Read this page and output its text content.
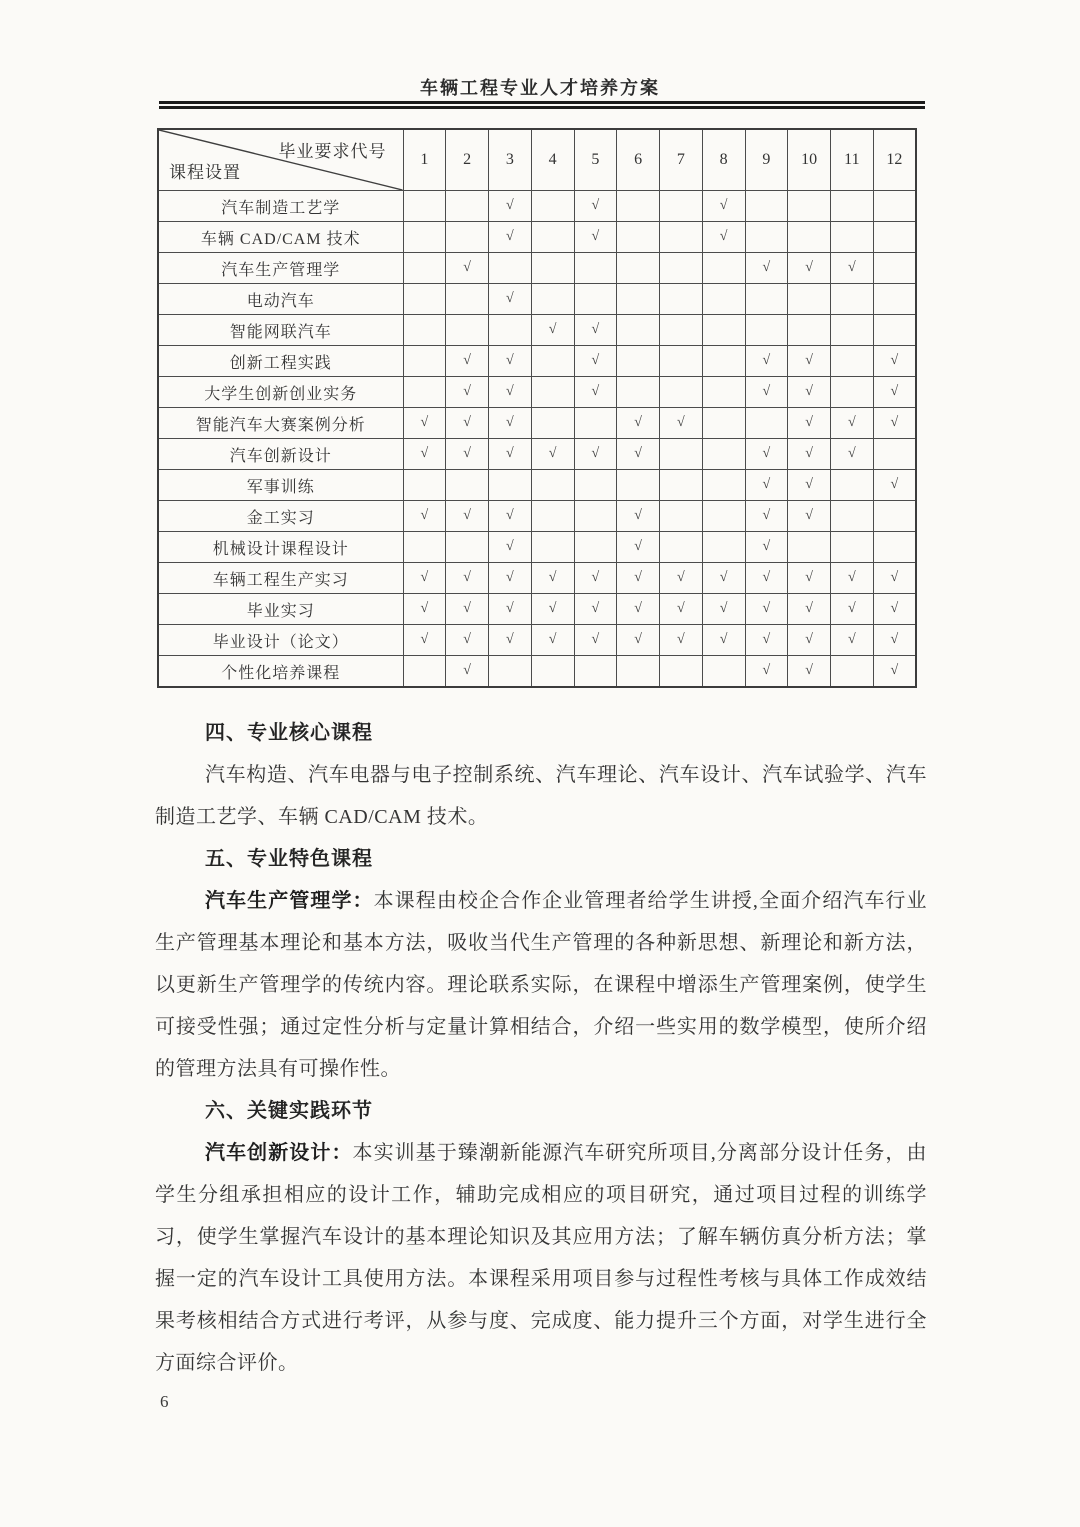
车辆工程专业人才培养方案
毕业要求代号
课程设置	1	2	3	4	5	6	7	8	9	10	11	12
汽车制造工艺学			√		√			√				
车辆 CAD/CAM 技术			√		√			√				
汽车生产管理学		√							√	√	√	
电动汽车			√									
智能网联汽车				√	√							
创新工程实践		√	√		√				√	√		√
大学生创新创业实务		√	√		√				√	√		√
智能汽车大赛案例分析	√	√	√			√	√			√	√	√
汽车创新设计	√	√	√	√	√	√			√	√	√	
军事训练									√	√		√
金工实习	√	√	√			√			√	√		
机械设计课程设计			√			√			√			
车辆工程生产实习	√	√	√	√	√	√	√	√	√	√	√	√
毕业实习	√	√	√	√	√	√	√	√	√	√	√	√
毕业设计（论文）	√	√	√	√	√	√	√	√	√	√	√	√
个性化培养课程		√							√	√		√
四、专业核心课程
汽车构造、汽车电器与电子控制系统、汽车理论、汽车设计、汽车试验学、汽车制造工艺学、车辆 CAD/CAM 技术。
五、专业特色课程
汽车生产管理学：本课程由校企合作企业管理者给学生讲授,全面介绍汽车行业生产管理基本理论和基本方法，吸收当代生产管理的各种新思想、新理论和新方法，以更新生产管理学的传统内容。理论联系实际，在课程中增添生产管理案例，使学生可接受性强；通过定性分析与定量计算相结合，介绍一些实用的数学模型，使所介绍的管理方法具有可操作性。
六、关键实践环节
汽车创新设计：本实训基于臻潮新能源汽车研究所项目,分离部分设计任务，由学生分组承担相应的设计工作，辅助完成相应的项目研究，通过项目过程的训练学习，使学生掌握汽车设计的基本理论知识及其应用方法；了解车辆仿真分析方法；掌握一定的汽车设计工具使用方法。本课程采用项目参与过程性考核与具体工作成效结果考核相结合方式进行考评，从参与度、完成度、能力提升三个方面，对学生进行全方面综合评价。
6
